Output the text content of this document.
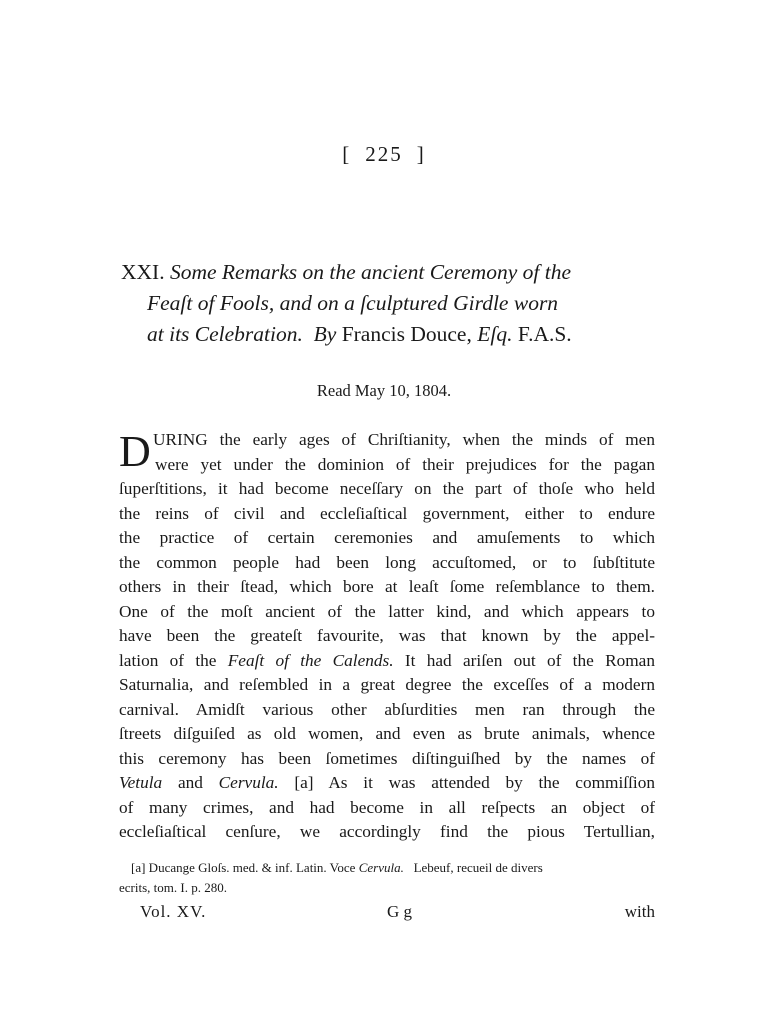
[ 225 ]
XXI. Some Remarks on the ancient Ceremony of the
Feaſt of Fools, and on a ſculptured Girdle worn
at its Celebration. By Francis Douce, Eſq. F.A.S.
Read May 10, 1804.
D URING the early ages of Chriſtianity, when the minds of men
were yet under the dominion of their prejudices for the pagan
ſuperſtitions, it had become neceſſary on the part of thoſe who held
the reins of civil and eccleſiaſtical government, either to endure
the practice of certain ceremonies and amuſements to which
the common people had been long accuſtomed, or to ſubſtitute
others in their ſtead, which bore at leaſt ſome reſemblance to them.
One of the moſt ancient of the latter kind, and which appears to
have been the greateſt favourite, was that known by the appel-
lation of the Feaſt of the Calends. It had ariſen out of the Roman
Saturnalia, and reſembled in a great degree the exceſſes of a modern
carnival. Amidſt various other abſurdities men ran through the
ſtreets diſguiſed as old women, and even as brute animals, whence
this ceremony has been ſometimes diſtinguiſhed by the names of
Vetula and Cervula. [a] As it was attended by the commiſſion
of many crimes, and had become in all reſpects an object of
eccleſiaſtical cenſure, we accordingly find the pious Tertullian,
[a] Ducange Gloſs. med. & inf. Latin. Voce Cervula. Lebeuf, recueil de divers
ecrits, tom. I. p. 280.
Vol. XV.	G g	with
